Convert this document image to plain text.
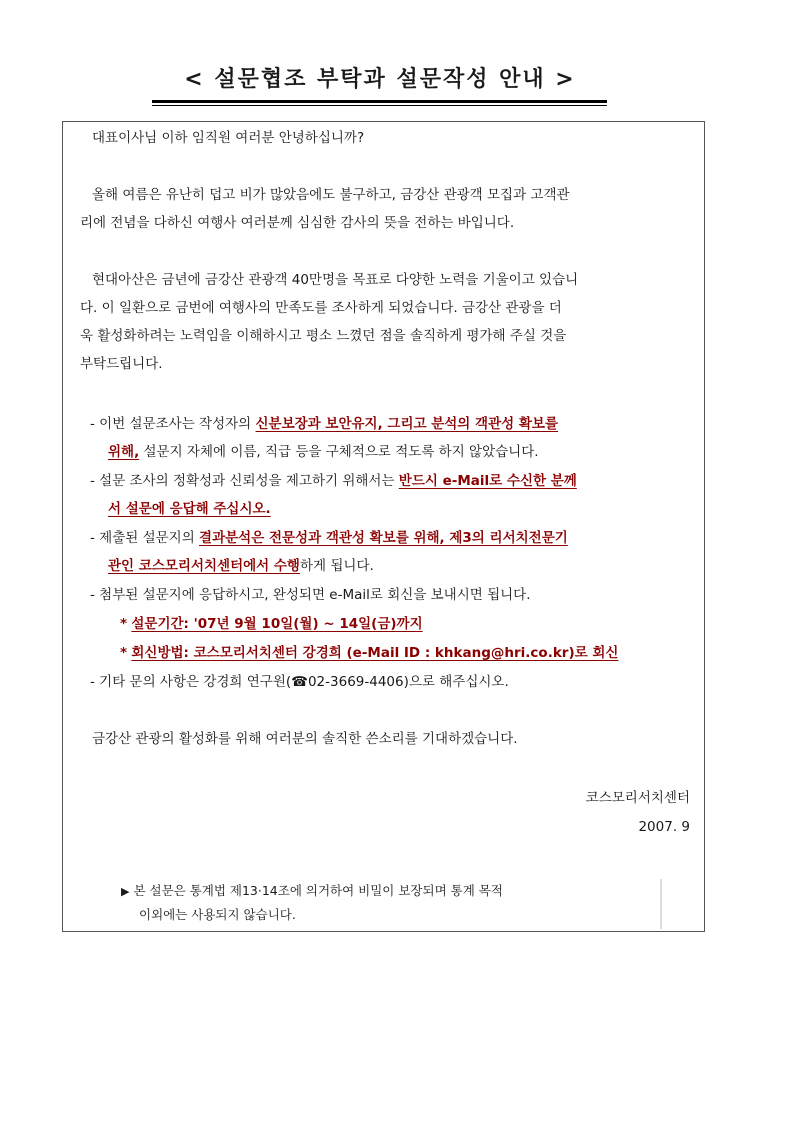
< 설문협조 부탁과 설문작성 안내 >
대표이사님 이하 임직원 여러분 안녕하십니까?
올해 여름은 유난히 덥고 비가 많았음에도 불구하고, 금강산 관광객 모집과 고객관
리에 전념을 다하신 여행사 여러분께 심심한 감사의 뜻을 전하는 바입니다.
현대아산은 금년에 금강산 관광객 40만명을 목표로 다양한 노력을 기울이고 있습니
다. 이 일환으로 금번에 여행사의 만족도를 조사하게 되었습니다. 금강산 관광을 더
욱 활성화하려는 노력임을 이해하시고 평소 느꼈던 점을 솔직하게 평가해 주실 것을
부탁드립니다.
- 이번 설문조사는 작성자의 신분보장과 보안유지, 그리고 분석의 객관성 확보를
위해, 설문지 자체에 이름, 직급 등을 구체적으로 적도록 하지 않았습니다.
- 설문 조사의 정확성과 신뢰성을 제고하기 위해서는 반드시 e-Mail로 수신한 분께
서 설문에 응답해 주십시오.
- 제출된 설문지의 결과분석은 전문성과 객관성 확보를 위해, 제3의 리서치전문기
관인 코스모리서치센터에서 수행하게 됩니다.
- 첨부된 설문지에 응답하시고, 완성되면 e-Mail로 회신을 보내시면 됩니다.
* 설문기간: '07년 9월 10일(월) ~ 14일(금)까지
* 회신방법: 코스모리서치센터 강경희 (e-Mail ID : khkang@hri.co.kr)로 회신
- 기타 문의 사항은 강경희 연구원(☎02-3669-4406)으로 해주십시오.
금강산 관광의 활성화를 위해 여러분의 솔직한 쓴소리를 기대하겠습니다.
코스모리서치센터
2007. 9
▶ 본 설문은 통계법 제13·14조에 의거하여 비밀이 보장되며 통계 목적
이외에는 사용되지 않습니다.
